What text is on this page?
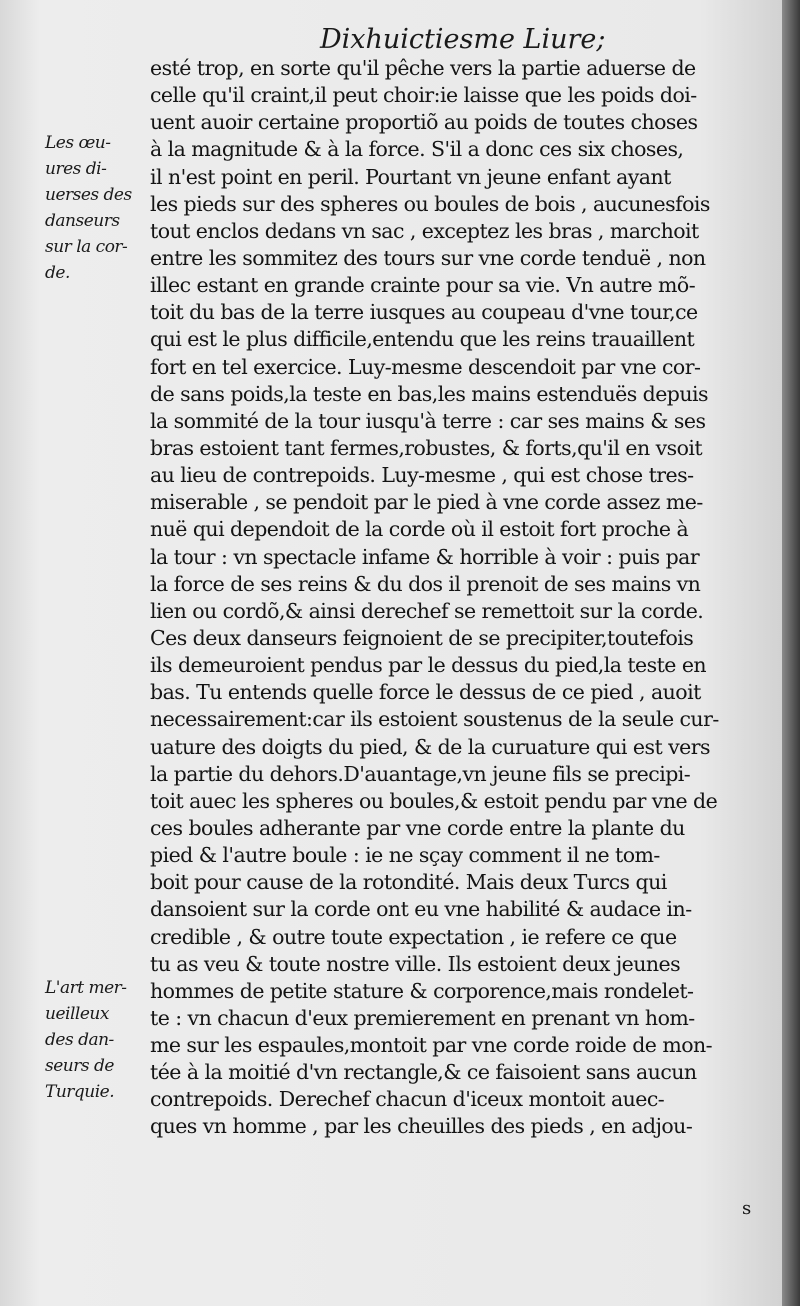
Dixhuictiesme Liure;
Les œu-
ures di-
uerses des
danseurs
sur la cor-
de.
L'art mer-
ueilleux
des dan-
seurs de
Turquie.
esté trop, en sorte qu'il pêche vers la partie aduerse de
celle qu'il craint,il peut choir:ie laisse que les poids doi-
uent auoir certaine proportiõ au poids de toutes choses
à la magnitude & à la force. S'il a donc ces six choses,
il n'est point en peril. Pourtant vn jeune enfant ayant
les pieds sur des spheres ou boules de bois , aucunesfois
tout enclos dedans vn sac , exceptez les bras , marchoit
entre les sommitez des tours sur vne corde tenduë , non
illec estant en grande crainte pour sa vie. Vn autre mõ-
toit du bas de la terre iusques au coupeau d'vne tour,ce
qui est le plus difficile,entendu que les reins trauaillent
fort en tel exercice. Luy-mesme descendoit par vne cor-
de sans poids,la teste en bas,les mains estenduës depuis
la sommité de la tour iusqu'à terre : car ses mains & ses
bras estoient tant fermes,robustes, & forts,qu'il en vsoit
au lieu de contrepoids. Luy-mesme , qui est chose tres-
miserable , se pendoit par le pied à vne corde assez me-
nuë qui dependoit de la corde où il estoit fort proche à
la tour : vn spectacle infame & horrible à voir : puis par
la force de ses reins & du dos il prenoit de ses mains vn
lien ou cordõ,& ainsi derechef se remettoit sur la corde.
Ces deux danseurs feignoient de se precipiter,toutefois
ils demeuroient pendus par le dessus du pied,la teste en
bas. Tu entends quelle force le dessus de ce pied , auoit
necessairement:car ils estoient soustenus de la seule cur-
uature des doigts du pied, & de la curuature qui est vers
la partie du dehors.D'auantage,vn jeune fils se precipi-
toit auec les spheres ou boules,& estoit pendu par vne de
ces boules adherante par vne corde entre la plante du
pied & l'autre boule : ie ne sçay comment il ne tom-
boit pour cause de la rotondité. Mais deux Turcs qui
dansoient sur la corde ont eu vne habilité & audace in-
credible , & outre toute expectation , ie refere ce que
tu as veu & toute nostre ville. Ils estoient deux jeunes
hommes de petite stature & corporence,mais rondelet-
te : vn chacun d'eux premierement en prenant vn hom-
me sur les espaules,montoit par vne corde roide de mon-
tée à la moitié d'vn rectangle,& ce faisoient sans aucun
contrepoids. Derechef chacun d'iceux montoit auec-
ques vn homme , par les cheuilles des pieds , en adjou-
s
